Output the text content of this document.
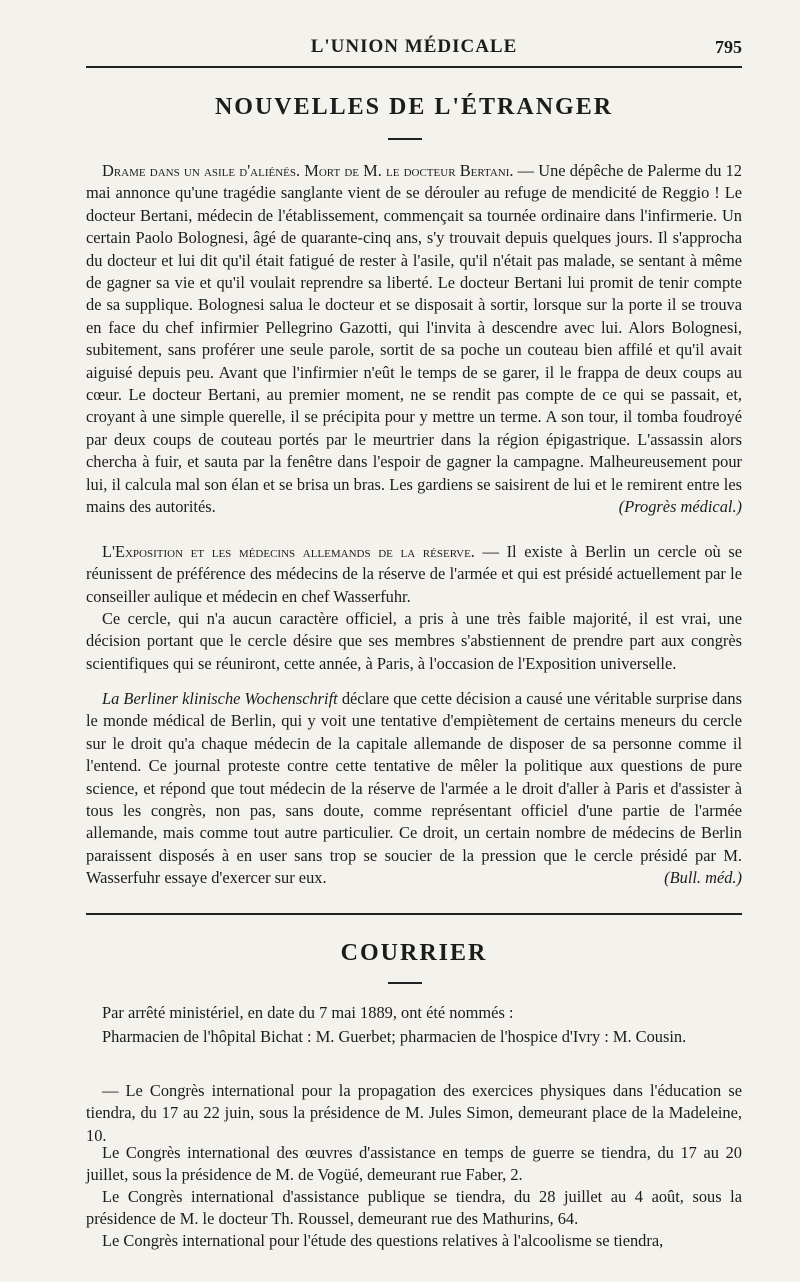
L'UNION MÉDICALE	795
NOUVELLES DE L'ÉTRANGER

Drame dans un asile d'aliénés. Mort de M. le docteur Bertani. — Une dépêche de Palerme du 12 mai annonce qu'une tragédie sanglante vient de se dérouler au refuge de mendicité de Reggio ! Le docteur Bertani, médecin de l'établissement, commençait sa tournée ordinaire dans l'infirmerie. Un certain Paolo Bolognesi, âgé de quarante-cinq ans, s'y trouvait depuis quelques jours. Il s'approcha du docteur et lui dit qu'il était fatigué de rester à l'asile, qu'il n'était pas malade, se sentant à même de gagner sa vie et qu'il voulait reprendre sa liberté. Le docteur Bertani lui promit de tenir compte de sa supplique. Bolognesi salua le docteur et se disposait à sortir, lorsque sur la porte il se trouva en face du chef infirmier Pellegrino Gazotti, qui l'invita à descendre avec lui. Alors Bolognesi, subitement, sans proférer une seule parole, sortit de sa poche un couteau bien affilé et qu'il avait aiguisé depuis peu. Avant que l'infirmier n'eût le temps de se garer, il le frappa de deux coups au cœur. Le docteur Bertani, au premier moment, ne se rendit pas compte de ce qui se passait, et, croyant à une simple querelle, il se précipita pour y mettre un terme. A son tour, il tomba foudroyé par deux coups de couteau portés par le meurtrier dans la région épigastrique. L'assassin alors chercha à fuir, et sauta par la fenêtre dans l'espoir de gagner la campagne. Malheureusement pour lui, il calcula mal son élan et se brisa un bras. Les gardiens se saisirent de lui et le remirent entre les mains des autorités.	(Progrès médical.)

L'Exposition et les médecins allemands de la réserve. — Il existe à Berlin un cercle où se réunissent de préférence des médecins de la réserve de l'armée et qui est présidé actuellement par le conseiller aulique et médecin en chef Wasserfuhr.

Ce cercle, qui n'a aucun caractère officiel, a pris à une très faible majorité, il est vrai, une décision portant que le cercle désire que ses membres s'abstiennent de prendre part aux congrès scientifiques qui se réuniront, cette année, à Paris, à l'occasion de l'Exposition universelle.

La Berliner klinische Wochenschrift déclare que cette décision a causé une véritable surprise dans le monde médical de Berlin, qui y voit une tentative d'empiètement de certains meneurs du cercle sur le droit qu'a chaque médecin de la capitale allemande de disposer de sa personne comme il l'entend. Ce journal proteste contre cette tentative de mêler la politique aux questions de pure science, et répond que tout médecin de la réserve de l'armée a le droit d'aller à Paris et d'assister à tous les congrès, non pas, sans doute, comme représentant officiel d'une partie de l'armée allemande, mais comme tout autre particulier. Ce droit, un certain nombre de médecins de Berlin paraissent disposés à en user sans trop se soucier de la pression que le cercle présidé par M. Wasserfuhr essaye d'exercer sur eux.	(Bull. méd.)

COURRIER

Par arrêté ministériel, en date du 7 mai 1889, ont été nommés :

Pharmacien de l'hôpital Bichat : M. Guerbet; pharmacien de l'hospice d'Ivry : M. Cousin.

— Le Congrès international pour la propagation des exercices physiques dans l'éducation se tiendra, du 17 au 22 juin, sous la présidence de M. Jules Simon, demeurant place de la Madeleine, 10.

Le Congrès international des œuvres d'assistance en temps de guerre se tiendra, du 17 au 20 juillet, sous la présidence de M. de Vogüé, demeurant rue Faber, 2.

Le Congrès international d'assistance publique se tiendra, du 28 juillet au 4 août, sous la présidence de M. le docteur Th. Roussel, demeurant rue des Mathurins, 64.

Le Congrès international pour l'étude des questions relatives à l'alcoolisme se tiendra,
